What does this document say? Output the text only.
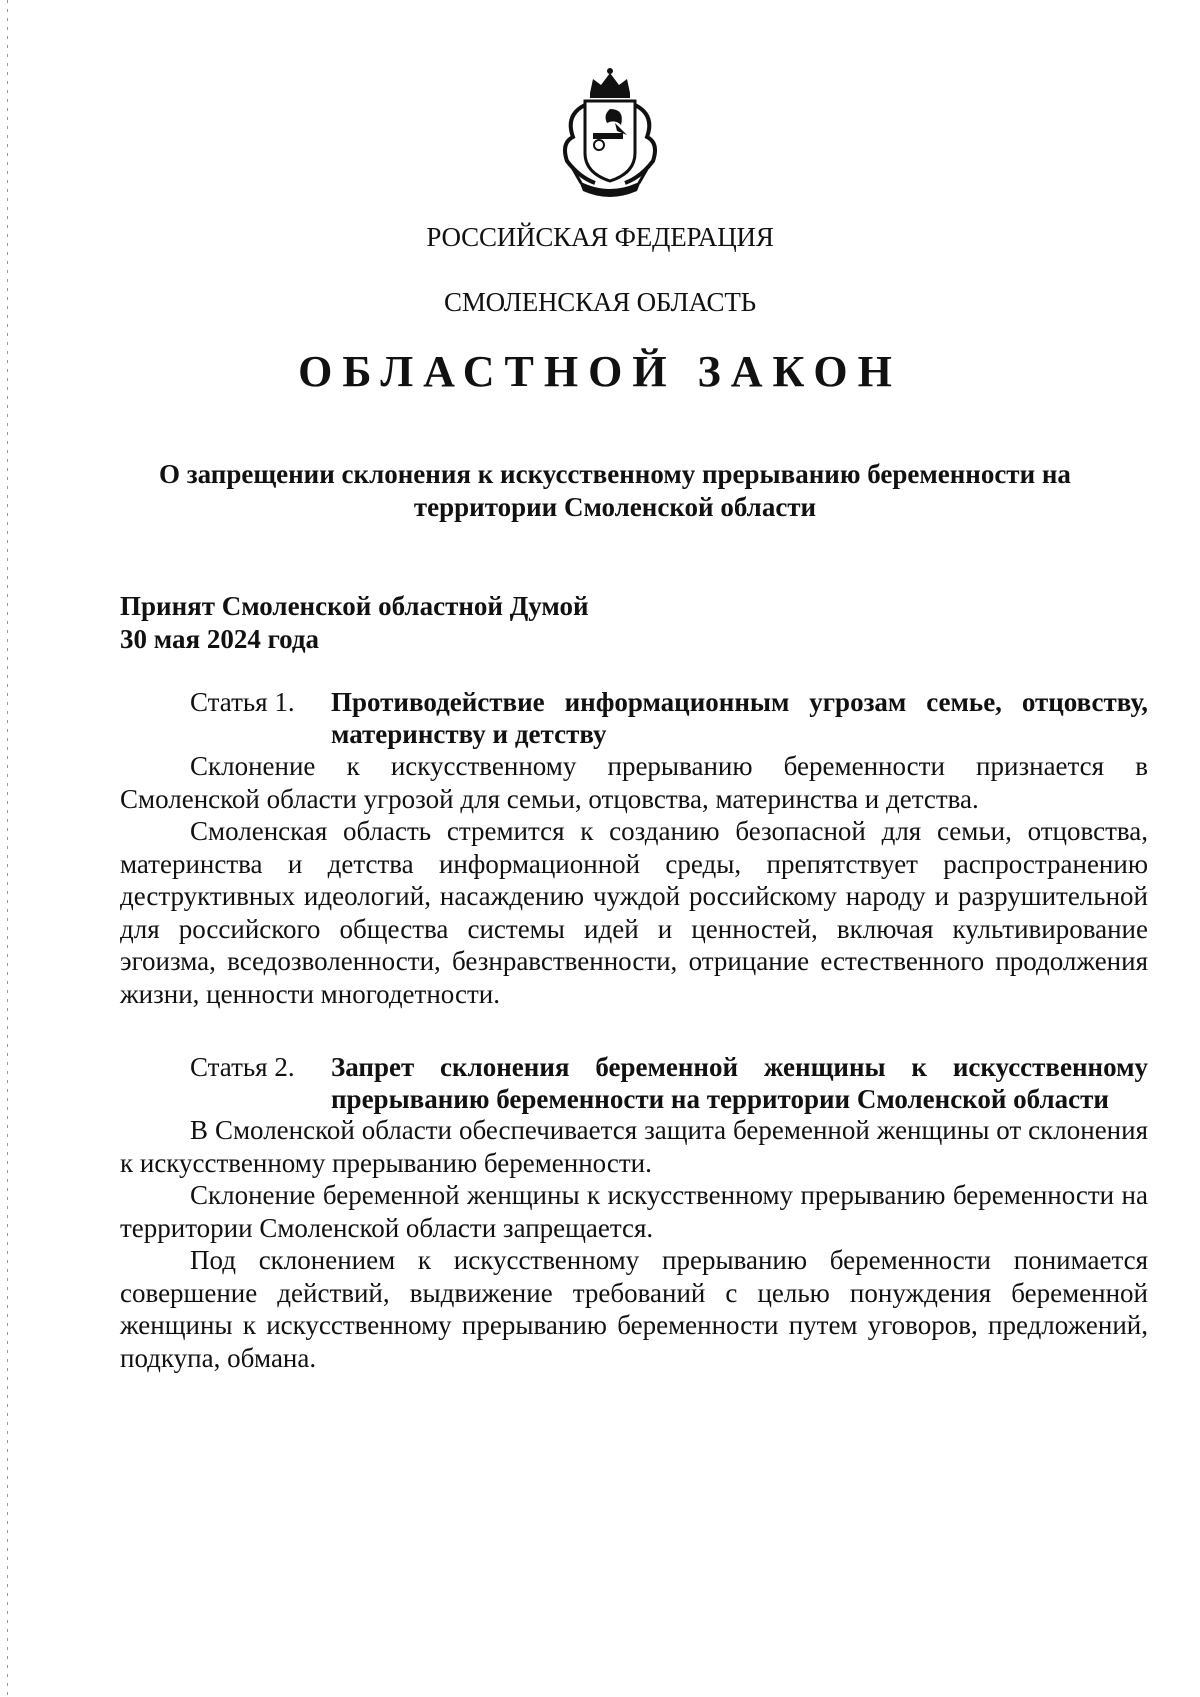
РОССИЙСКАЯ ФЕДЕРАЦИЯ
СМОЛЕНСКАЯ ОБЛАСТЬ
ОБЛАСТНОЙ ЗАКОН
О запрещении склонения к искусственному прерыванию беременности на территории Смоленской области
Принят Смоленской областной Думой
30 мая 2024 года
Статья 1. Противодействие информационным угрозам семье, отцовству, материнству и детству

Склонение к искусственному прерыванию беременности признается в Смоленской области угрозой для семьи, отцовства, материнства и детства.

Смоленская область стремится к созданию безопасной для семьи, отцовства, материнства и детства информационной среды, препятствует распространению деструктивных идеологий, насаждению чуждой российскому народу и разрушительной для российского общества системы идей и ценностей, включая культивирование эгоизма, вседозволенности, безнравственности, отрицание естественного продолжения жизни, ценности многодетности.

Статья 2. Запрет склонения беременной женщины к искусственному прерыванию беременности на территории Смоленской области

В Смоленской области обеспечивается защита беременной женщины от склонения к искусственному прерыванию беременности.

Склонение беременной женщины к искусственному прерыванию беременности на территории Смоленской области запрещается.

Под склонением к искусственному прерыванию беременности понимается совершение действий, выдвижение требований с целью понуждения беременной женщины к искусственному прерыванию беременности путем уговоров, предложений, подкупа, обмана.
